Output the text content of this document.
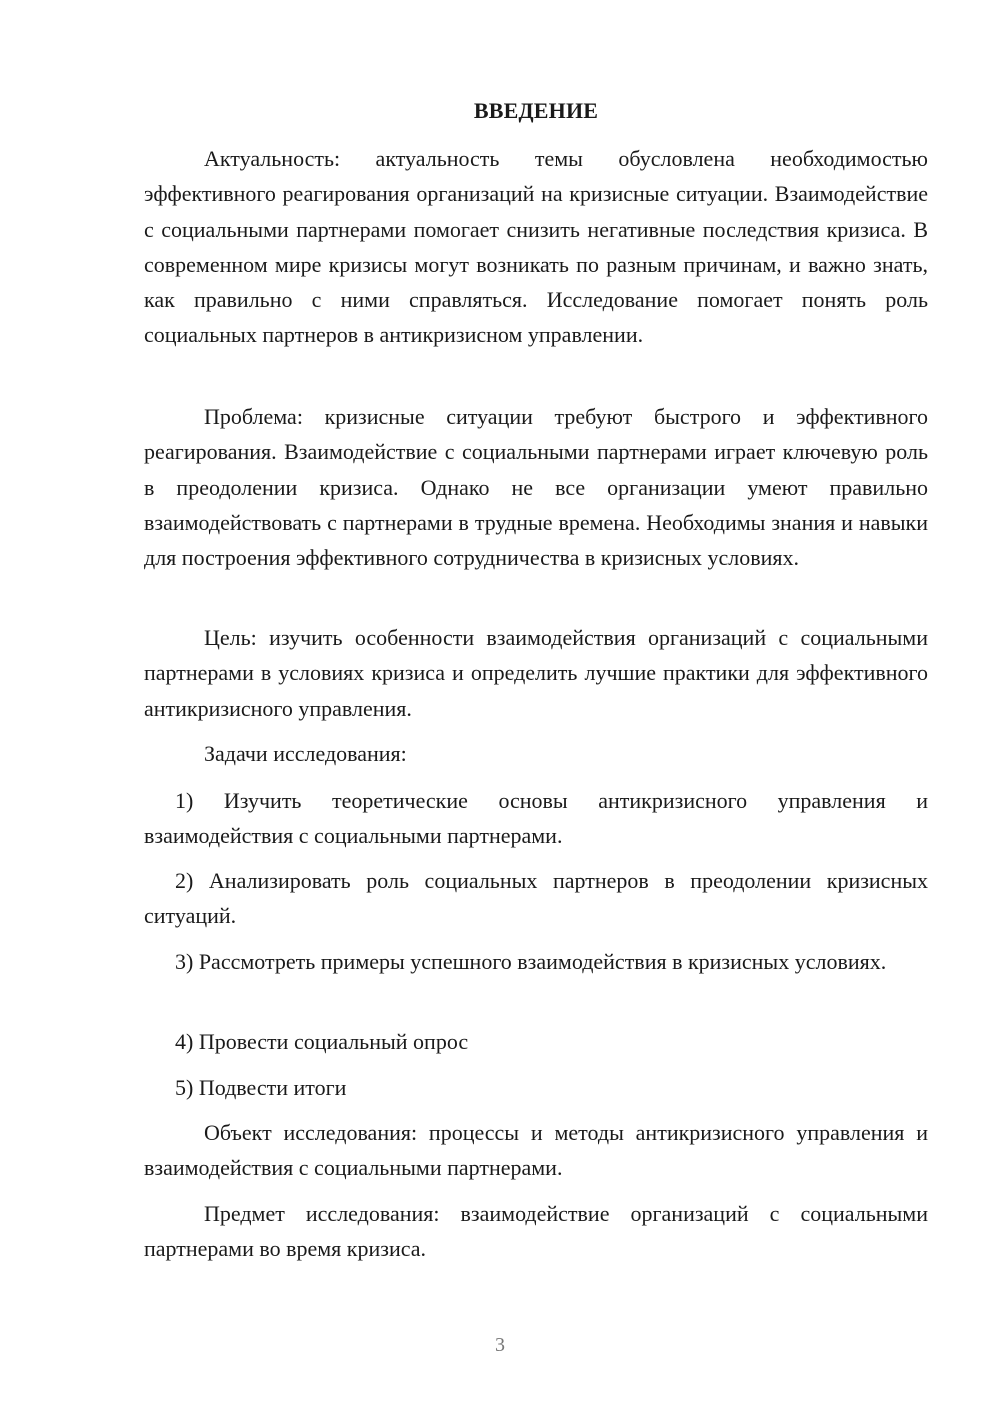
ВВЕДЕНИЕ

Актуальность: актуальность темы обусловлена необходимостью эффективного реагирования организаций на кризисные ситуации. Взаимодействие с социальными партнерами помогает снизить негативные последствия кризиса. В современном мире кризисы могут возникать по разным причинам, и важно знать, как правильно с ними справляться. Исследование помогает понять роль социальных партнеров в антикризисном управлении.

Проблема: кризисные ситуации требуют быстрого и эффективного реагирования. Взаимодействие с социальными партнерами играет ключевую роль в преодолении кризиса. Однако не все организации умеют правильно взаимодействовать с партнерами в трудные времена. Необходимы знания и навыки для построения эффективного сотрудничества в кризисных условиях.

Цель: изучить особенности взаимодействия организаций с социальными партнерами в условиях кризиса и определить лучшие практики для эффективного антикризисного управления.

Задачи исследования:

1) Изучить теоретические основы антикризисного управления и взаимодействия с социальными партнерами.

2) Анализировать роль социальных партнеров в преодолении кризисных ситуаций.

3) Рассмотреть примеры успешного взаимодействия в кризисных условиях.

4) Провести социальный опрос

5) Подвести итоги

Объект исследования: процессы и методы антикризисного управления и взаимодействия с социальными партнерами.

Предмет исследования: взаимодействие организаций с социальными партнерами во время кризиса.

3
